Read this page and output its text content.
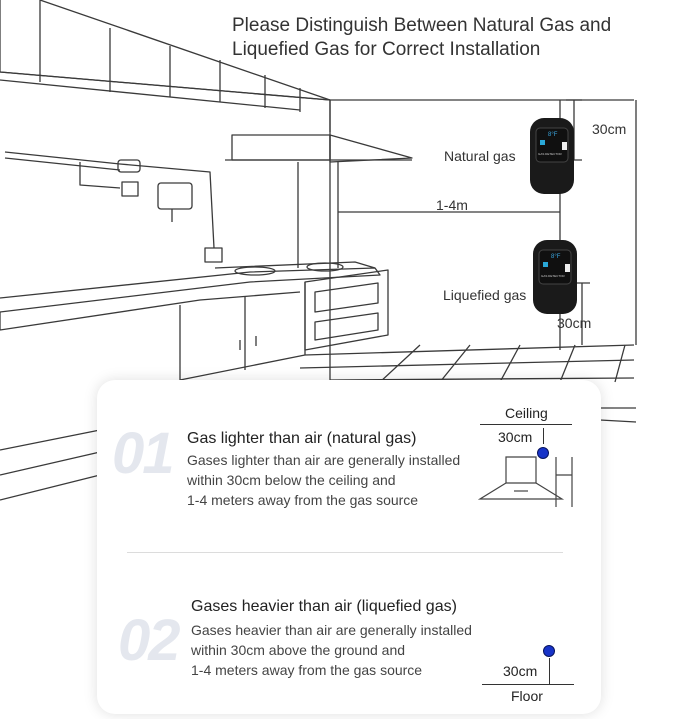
8°F
GAS DETECTOR
8°F
GAS DETECTOR
Please Distinguish Between Natural Gas and
Liquefied Gas for Correct Installation
30cm
Natural gas
1-4m
Liquefied gas
30cm
01 Gas lighter than air (natural gas)
Gases lighter than air are generally installed
within 30cm below the ceiling and
1-4 meters away from the gas source
Ceiling
30cm
02
Gases heavier than air (liquefied gas)
Gases heavier than air are generally installed
within 30cm above the ground and
1-4 meters away from the gas source	30cm
Floor
